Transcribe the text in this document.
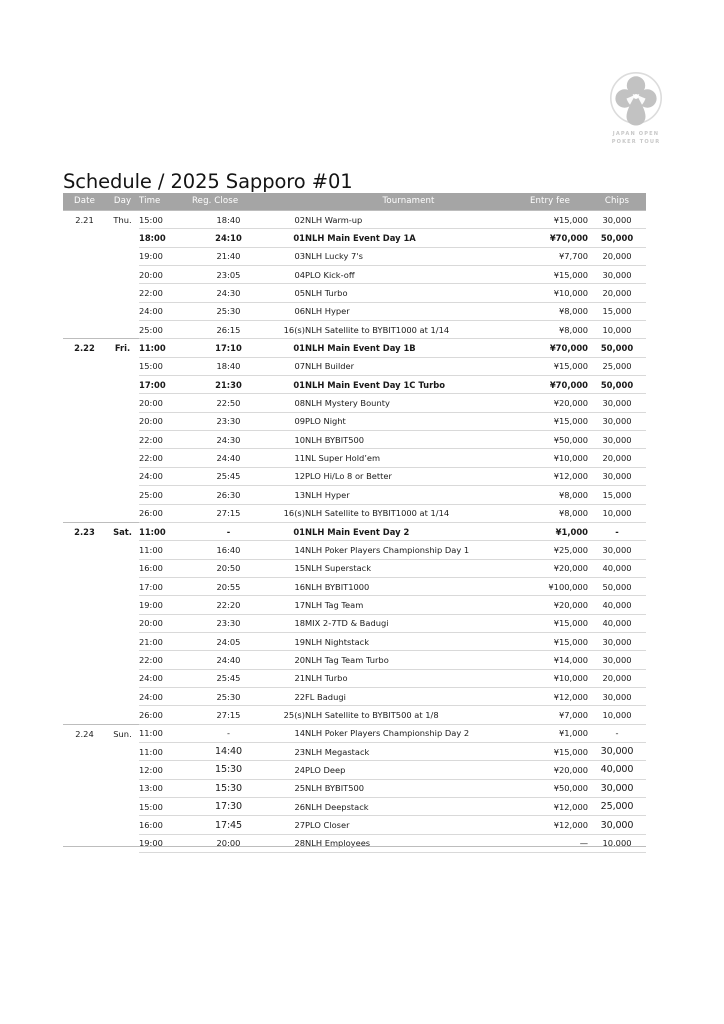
JAPAN OPEN
POKER TOUR
Schedule / 2025 Sapporo #01
Date	Day	Time	Reg. Close		Tournament	Entry fee	Chips
2.21	Thu.	15:00	18:40	02	NLH Warm-up	¥15,000	30,000
		18:00	24:10	01	NLH Main Event Day 1A	¥70,000	50,000
		19:00	21:40	03	NLH Lucky 7's	¥7,700	20,000
		20:00	23:05	04	PLO Kick-off	¥15,000	30,000
		22:00	24:30	05	NLH Turbo	¥10,000	20,000
		24:00	25:30	06	NLH Hyper	¥8,000	15,000
		25:00	26:15	16(s)	NLH Satellite to BYBIT1000 at 1/14	¥8,000	10,000
2.22	Fri.	11:00	17:10	01	NLH Main Event Day 1B	¥70,000	50,000
		15:00	18:40	07	NLH Builder	¥15,000	25,000
		17:00	21:30	01	NLH Main Event Day 1C Turbo	¥70,000	50,000
		20:00	22:50	08	NLH Mystery Bounty	¥20,000	30,000
		20:00	23:30	09	PLO Night	¥15,000	30,000
		22:00	24:30	10	NLH BYBIT500	¥50,000	30,000
		22:00	24:40	11	NL Super Hold’em	¥10,000	20,000
		24:00	25:45	12	PLO Hi/Lo 8 or Better	¥12,000	30,000
		25:00	26:30	13	NLH Hyper	¥8,000	15,000
		26:00	27:15	16(s)	NLH Satellite to BYBIT1000 at 1/14	¥8,000	10,000
2.23	Sat.	11:00	-	01	NLH Main Event Day 2	¥1,000	-
		11:00	16:40	14	NLH Poker Players Championship Day 1	¥25,000	30,000
		16:00	20:50	15	NLH Superstack	¥20,000	40,000
		17:00	20:55	16	NLH BYBIT1000	¥100,000	50,000
		19:00	22:20	17	NLH Tag Team	¥20,000	40,000
		20:00	23:30	18	MIX 2-7TD & Badugi	¥15,000	40,000
		21:00	24:05	19	NLH Nightstack	¥15,000	30,000
		22:00	24:40	20	NLH Tag Team Turbo	¥14,000	30,000
		24:00	25:45	21	NLH Turbo	¥10,000	20,000
		24:00	25:30	22	FL Badugi	¥12,000	30,000
		26:00	27:15	25(s)	NLH Satellite to BYBIT500 at 1/8	¥7,000	10,000
2.24	Sun.	11:00	-	14	NLH Poker Players Championship Day 2	¥1,000	-
		11:00	14:40	23	NLH Megastack	¥15,000	30,000
		12:00	15:30	24	PLO Deep	¥20,000	40,000
		13:00	15:30	25	NLH BYBIT500	¥50,000	30,000
		15:00	17:30	26	NLH Deepstack	¥12,000	25,000
		16:00	17:45	27	PLO Closer	¥12,000	30,000
		19:00	20:00	28	NLH Employees	—	10,000
